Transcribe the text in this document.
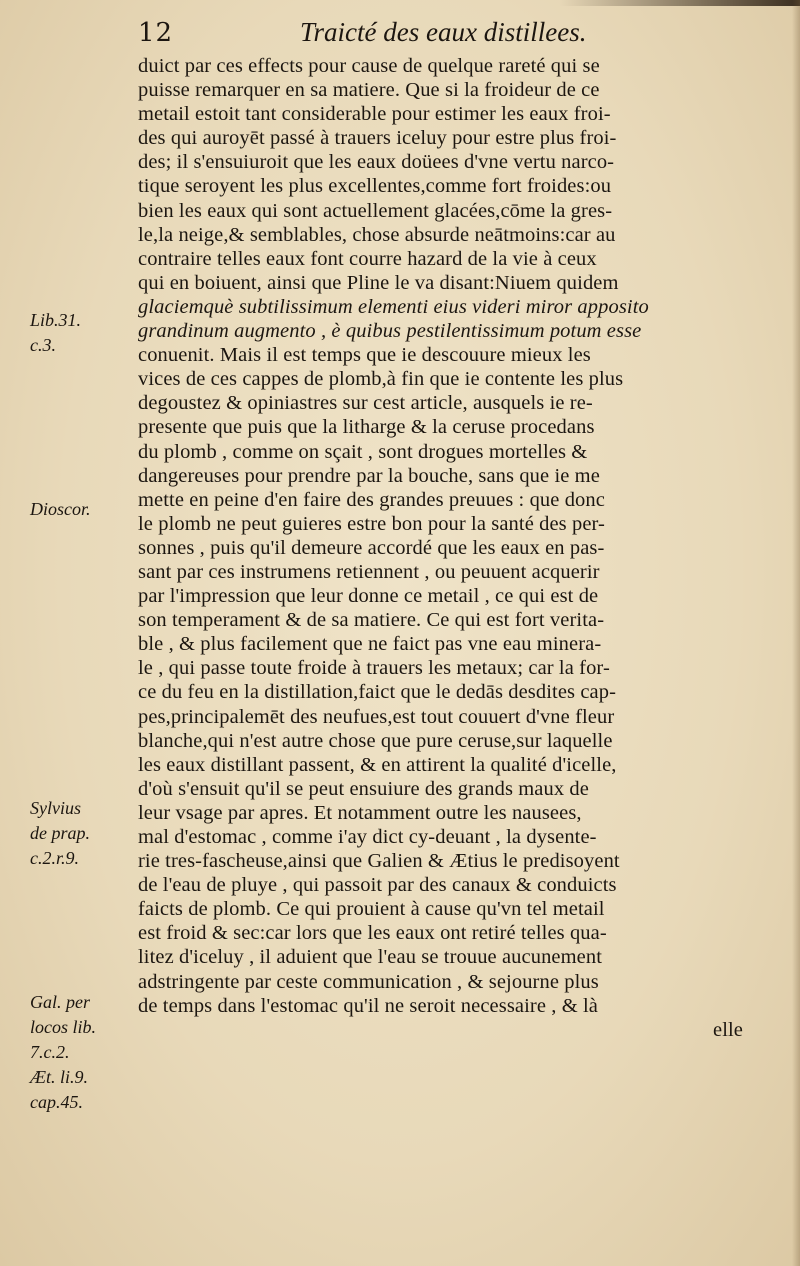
12	Traicté des eaux distillees.
duict par ces effects pour cause de quelque rareté qui se
puisse remarquer en sa matiere. Que si la froideur de ce
metail estoit tant considerable pour estimer les eaux froi-
des qui auroyēt passé à trauers iceluy pour estre plus froi-
des; il s'ensuiuroit que les eaux doüees d'vne vertu narco-
tique seroyent les plus excellentes,comme fort froides:ou
bien les eaux qui sont actuellement glacées,cōme la gres-
le,la neige,& semblables, chose absurde neātmoins:car au
contraire telles eaux font courre hazard de la vie à ceux
qui en boiuent, ainsi que Pline le va disant:Niuem quidem
glaciemquè subtilissimum elementi eius videri miror apposito
grandinum augmento , è quibus pestilentissimum potum esse
conuenit. Mais il est temps que ie descouure mieux les
vices de ces cappes de plomb,à fin que ie contente les plus
degoustez & opiniastres sur cest article, ausquels ie re-
presente que puis que la litharge & la ceruse procedans
du plomb , comme on sçait , sont drogues mortelles &
dangereuses pour prendre par la bouche, sans que ie me
mette en peine d'en faire des grandes preuues : que donc
le plomb ne peut guieres estre bon pour la santé des per-
sonnes , puis qu'il demeure accordé que les eaux en pas-
sant par ces instrumens retiennent , ou peuuent acquerir
par l'impression que leur donne ce metail , ce qui est de
son temperament & de sa matiere. Ce qui est fort verita-
ble , & plus facilement que ne faict pas vne eau minera-
le , qui passe toute froide à trauers les metaux; car la for-
ce du feu en la distillation,faict que le dedās desdites cap-
pes,principalemēt des neufues,est tout couuert d'vne fleur
blanche,qui n'est autre chose que pure ceruse,sur laquelle
les eaux distillant passent, & en attirent la qualité d'icelle,
d'où s'ensuit qu'il se peut ensuiure des grands maux de
leur vsage par apres. Et notamment outre les nausees,
mal d'estomac , comme i'ay dict cy-deuant , la dysente-
rie tres-fascheuse,ainsi que Galien & Ætius le predisoyent
de l'eau de pluye , qui passoit par des canaux & conduicts
faicts de plomb. Ce qui prouient à cause qu'vn tel metail
est froid & sec:car lors que les eaux ont retiré telles qua-
litez d'iceluy , il aduient que l'eau se trouue aucunement
adstringente par ceste communication , & sejourne plus
de temps dans l'estomac qu'il ne seroit necessaire , & là
elle
Lib.31.
c.3.
Dioscor.
Sylvius
de prap.
c.2.r.9.
Gal. per
locos lib.
7.c.2.
Æt. li.9.
cap.45.
